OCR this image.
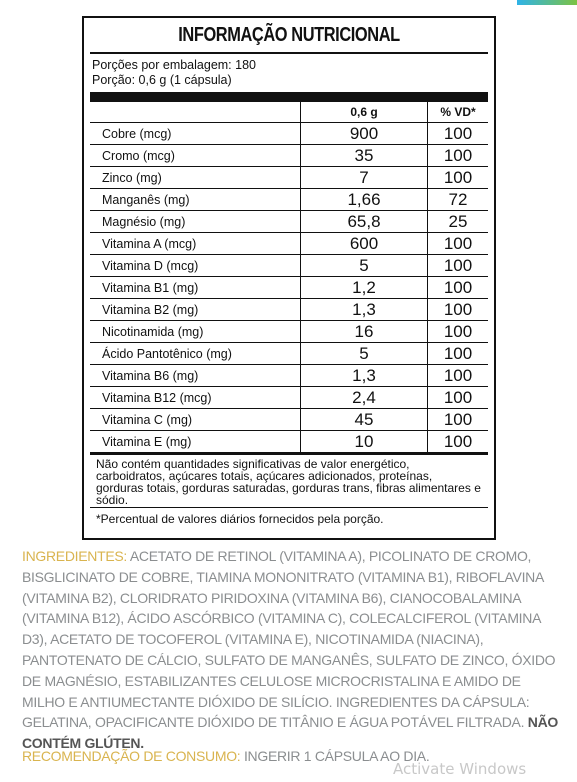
INFORMAÇÃO NUTRICIONAL
Porções por embalagem: 180
Porção: 0,6 g (1 cápsula)
	0,6 g	% VD*
Cobre (mcg)	900	100
Cromo (mcg)	35	100
Zinco (mg)	7	100
Manganês (mg)	1,66	72
Magnésio (mg)	65,8	25
Vitamina A (mcg)	600	100
Vitamina D (mcg)	5	100
Vitamina B1 (mg)	1,2	100
Vitamina B2 (mg)	1,3	100
Nicotinamida (mg)	16	100
Ácido Pantotênico (mg)	5	100
Vitamina B6 (mg)	1,3	100
Vitamina B12 (mcg)	2,4	100
Vitamina C (mg)	45	100
Vitamina E (mg)	10	100
Não contém quantidades significativas de valor energético, carboidratos, açúcares totais, açúcares adicionados, proteínas, gorduras totais, gorduras saturadas, gorduras trans, fibras alimentares e sódio.
*Percentual de valores diários fornecidos pela porção.
INGREDIENTES: ACETATO DE RETINOL (VITAMINA A), PICOLINATO DE CROMO, BISGLICINATO DE COBRE, TIAMINA MONONITRATO (VITAMINA B1), RIBOFLAVINA (VITAMINA B2), CLORIDRATO PIRIDOXINA (VITAMINA B6), CIANOCOBALAMINA (VITAMINA B12), ÁCIDO ASCÓRBICO (VITAMINA C), COLECALCIFEROL (VITAMINA D3), ACETATO DE TOCOFEROL (VITAMINA E), NICOTINAMIDA (NIACINA), PANTOTENATO DE CÁLCIO, SULFATO DE MANGANÊS, SULFATO DE ZINCO, ÓXIDO DE MAGNÉSIO, ESTABILIZANTES CELULOSE MICROCRISTALINA E AMIDO DE MILHO E ANTIUMECTANTE DIÓXIDO DE SILÍCIO. INGREDIENTES DA CÁPSULA: GELATINA, OPACIFICANTE DIÓXIDO DE TITÂNIO E ÁGUA POTÁVEL FILTRADA. NÃO CONTÉM GLÚTEN.
RECOMENDAÇÃO DE CONSUMO: INGERIR 1 CÁPSULA AO DIA.
Activate Windows
